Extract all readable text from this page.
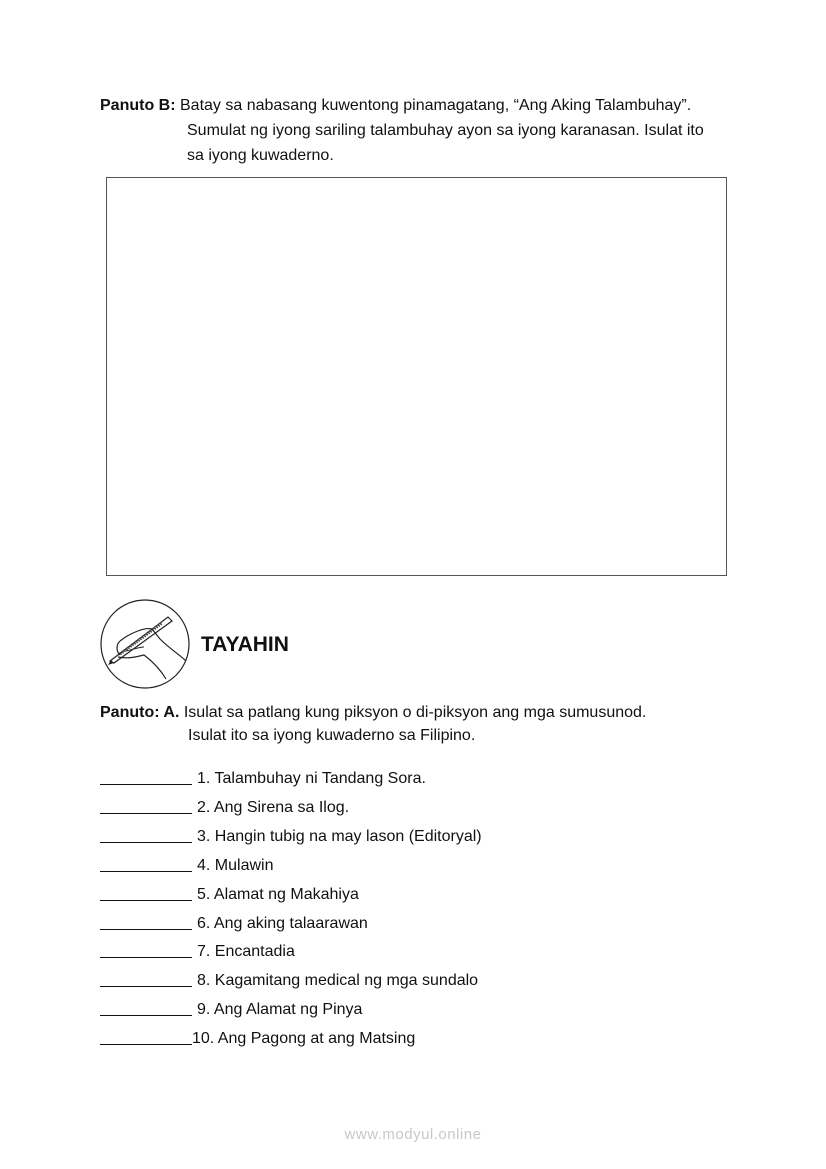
Panuto B: Batay sa nabasang kuwentong pinamagatang, “Ang Aking Talambuhay”.
Sumulat ng iyong sariling talambuhay ayon sa iyong karanasan. Isulat ito
sa iyong kuwaderno.
TAYAHIN
Panuto: A. Isulat sa patlang kung piksyon o di-piksyon ang mga sumusunod.
Isulat ito sa iyong kuwaderno sa Filipino.
1. Talambuhay ni Tandang Sora.
2. Ang Sirena sa Ilog.
3. Hangin tubig na may lason (Editoryal)
4. Mulawin
5. Alamat ng Makahiya
6. Ang aking talaarawan
7. Encantadia
8. Kagamitang medical ng mga sundalo
9. Ang Alamat ng Pinya
10. Ang Pagong at ang Matsing
www.modyul.online
